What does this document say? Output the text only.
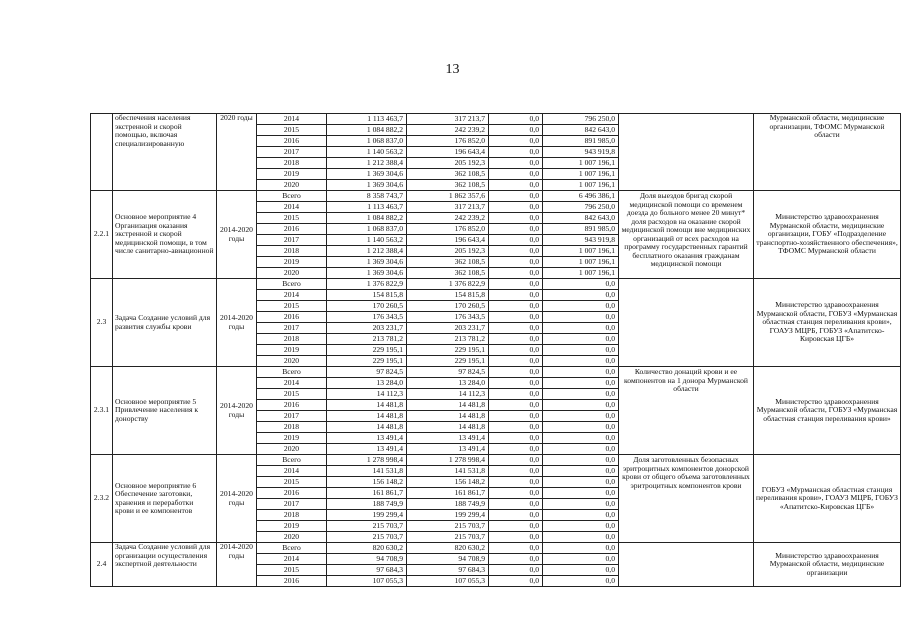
13
	обеспечения населения экстренной и скорой помощью, включая специализированную	2020 годы	2014	1 113 463,7	317 213,7	0,0	796 250,0		Мурманской области, медицинские организации, ТФОМС Мурманской области
			2015	1 084 882,2	242 239,2	0,0	842 643,0		
			2016	1 068 837,0	176 852,0	0,0	891 985,0		
			2017	1 140 563,2	196 643,4	0,0	943 919,8		
			2018	1 212 388,4	205 192,3	0,0	1 007 196,1		
			2019	1 369 304,6	362 108,5	0,0	1 007 196,1		
			2020	1 369 304,6	362 108,5	0,0	1 007 196,1		
2.2.1	Основное мероприятие 4 Организация оказания экстренной и скорой медицинской помощи, в том числе санитарно-авиационной	2014-2020 годы	Всего	8 358 743,7	1 862 357,6	0,0	6 496 386,1	Доля выездов бригад скорой медицинской помощи со временем доезда до больного менее 20 минут* доля расходов на оказание скорой медицинской помощи вне медицинских организаций от всех расходов на программу государственных гарантий бесплатного оказания гражданам медицинской помощи	Министерство здравоохранения Мурманской области, медицинские организации, ГОБУ «Подразделение транспортно-хозяйственного обеспечения», ТФОМС Мурманской области
			2014	1 113 463,7	317 213,7	0,0	796 250,0		
			2015	1 084 882,2	242 239,2	0,0	842 643,0		
			2016	1 068 837,0	176 852,0	0,0	891 985,0		
			2017	1 140 563,2	196 643,4	0,0	943 919,8		
			2018	1 212 388,4	205 192,3	0,0	1 007 196,1		
			2019	1 369 304,6	362 108,5	0,0	1 007 196,1		
			2020	1 369 304,6	362 108,5	0,0	1 007 196,1		
2.3	Задача Создание условий для развития службы крови	2014-2020 годы	Всего	1 376 822,9	1 376 822,9	0,0	0,0		Министерство здравоохранения Мурманской области, ГОБУЗ «Мурманская областная станция переливания крови», ГОАУЗ МЦРБ, ГОБУЗ «Апатитско-Кировская ЦГБ»
			2014	154 815,8	154 815,8	0,0	0,0		
			2015	170 260,5	170 260,5	0,0	0,0		
			2016	176 343,5	176 343,5	0,0	0,0		
			2017	203 231,7	203 231,7	0,0	0,0		
			2018	213 781,2	213 781,2	0,0	0,0		
			2019	229 195,1	229 195,1	0,0	0,0		
			2020	229 195,1	229 195,1	0,0	0,0		
2.3.1	Основное мероприятие 5 Привлечение населения к донорству	2014-2020 годы	Всего	97 824,5	97 824,5	0,0	0,0	Количество донаций крови и ее компонентов на 1 донора Мурманской области	Министерство здравоохранения Мурманской области, ГОБУЗ «Мурманская областная станция переливания крови»
			2014	13 284,0	13 284,0	0,0	0,0		
			2015	14 112,3	14 112,3	0,0	0,0		
			2016	14 481,8	14 481,8	0,0	0,0		
			2017	14 481,8	14 481,8	0,0	0,0		
			2018	14 481,8	14 481,8	0,0	0,0		
			2019	13 491,4	13 491,4	0,0	0,0		
			2020	13 491,4	13 491,4	0,0	0,0		
2.3.2	Основное мероприятие 6 Обеспечение заготовки, хранения и переработки крови и ее компонентов	2014-2020 годы	Всего	1 278 998,4	1 278 998,4	0,0	0,0	Доля заготовленных безопасных эритроцитных компонентов донорской крови от общего объема заготовленных эритроцитных компонентов крови	ГОБУЗ «Мурманская областная станция переливания крови», ГОАУЗ МЦРБ, ГОБУЗ «Апатитско-Кировская ЦГБ»
			2014	141 531,8	141 531,8	0,0	0,0		
			2015	156 148,2	156 148,2	0,0	0,0		
			2016	161 861,7	161 861,7	0,0	0,0		
			2017	188 749,9	188 749,9	0,0	0,0		
			2018	199 299,4	199 299,4	0,0	0,0		
			2019	215 703,7	215 703,7	0,0	0,0		
			2020	215 703,7	215 703,7	0,0	0,0		
2.4	Задача Создание условий для организации осуществления экспертной деятельности	2014-2020 годы	Всего	820 630,2	820 630,2	0,0	0,0		Министерство здравоохранения Мурманской области, медицинские организации
			2014	94 708,9	94 708,9	0,0	0,0		
			2015	97 684,3	97 684,3	0,0	0,0		
			2016	107 055,3	107 055,3	0,0	0,0		
